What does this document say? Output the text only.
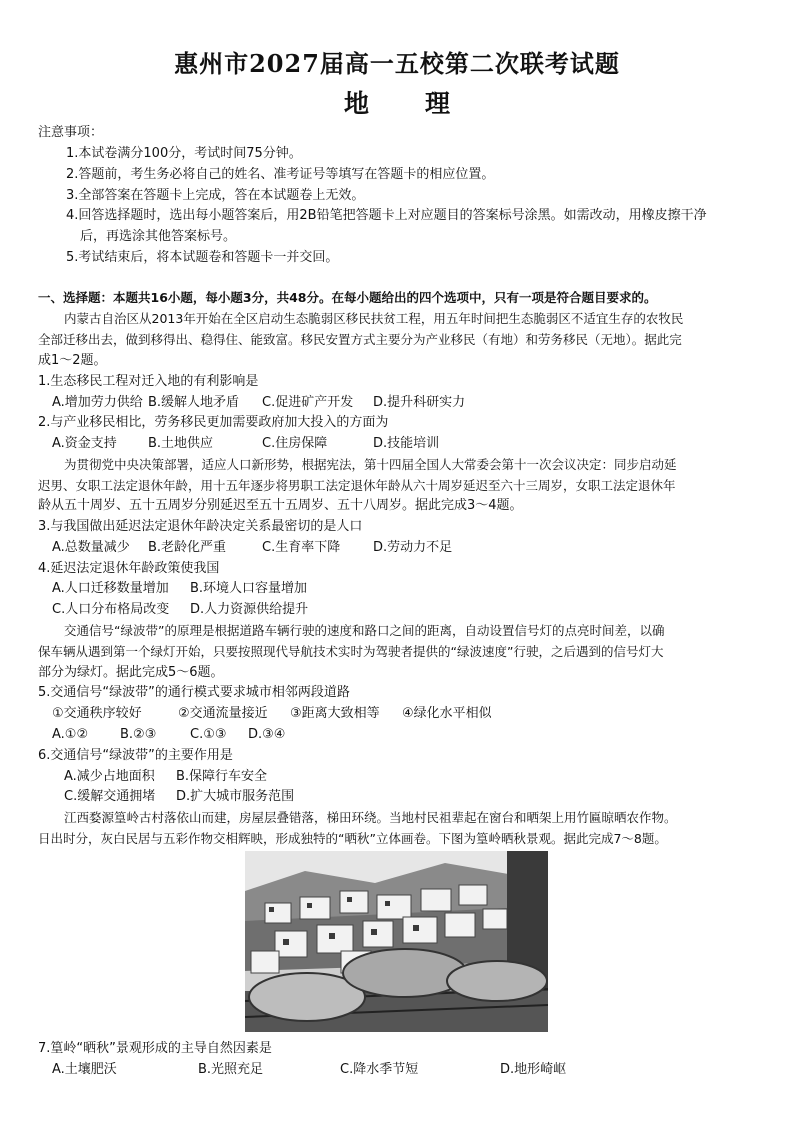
惠州市2027届高一五校第二次联考试题
地 理
注意事项：
1.本试卷满分100分，考试时间75分钟。
2.答题前，考生务必将自己的姓名、准考证号等填写在答题卡的相应位置。
3.全部答案在答题卡上完成，答在本试题卷上无效。
4.回答选择题时，选出每小题答案后，用2B铅笔把答题卡上对应题目的答案标号涂黑。如需改动，用橡皮擦干净
后，再选涂其他答案标号。
5.考试结束后，将本试题卷和答题卡一并交回。
一、选择题：本题共16小题，每小题3分，共48分。在每小题给出的四个选项中，只有一项是符合题目要求的。
内蒙古自治区从2013年开始在全区启动生态脆弱区移民扶贫工程，用五年时间把生态脆弱区不适宜生存的农牧民
全部迁移出去，做到移得出、稳得住、能致富。移民安置方式主要分为产业移民（有地）和劳务移民（无地）。据此完
成1～2题。
1.生态移民工程对迁入地的有利影响是
A.增加劳力供给 B.缓解人地矛盾 C.促进矿产开发 D.提升科研实力
2.与产业移民相比，劳务移民更加需要政府加大投入的方面为
A.资金支持 B.土地供应	C.住房保障	D.技能培训
为贯彻党中央决策部署，适应人口新形势，根据宪法，第十四届全国人大常委会第十一次会议决定：同步启动延
迟男、女职工法定退休年龄，用十五年逐步将男职工法定退休年龄从六十周岁延迟至六十三周岁，女职工法定退休年
龄从五十周岁、五十五周岁分别延迟至五十五周岁、五十八周岁。据此完成3～4题。
3.与我国做出延迟法定退休年龄决定关系最密切的是人口
A.总数量减少 B.老龄化严重	C.生育率下降	D.劳动力不足
4.延迟法定退休年龄政策使我国
A.人口迁移数量增加 B.环境人口容量增加
C.人口分布格局改变 D.人力资源供给提升
交通信号“绿波带”的原理是根据道路车辆行驶的速度和路口之间的距离，自动设置信号灯的点亮时间差，以确
保车辆从遇到第一个绿灯开始，只要按照现代导航技术实时为驾驶者提供的“绿波速度”行驶，之后遇到的信号灯大
部分为绿灯。据此完成5～6题。
5.交通信号“绿波带”的通行模式要求城市相邻两段道路
①交通秩序较好	②交通流量接近 ③距离大致相等 ④绿化水平相似
A.①② B.②③	C.①③ D.③④
6.交通信号“绿波带”的主要作用是
A.减少占地面积 B.保障行车安全
C.缓解交通拥堵 D.扩大城市服务范围
江西婺源篁岭古村落依山而建，房屋层叠错落，梯田环绕。当地村民祖辈起在窗台和晒架上用竹匾晾晒农作物。
日出时分，灰白民居与五彩作物交相辉映，形成独特的“晒秋”立体画卷。下图为篁岭晒秋景观。据此完成7～8题。
7.篁岭“晒秋”景观形成的主导自然因素是
A.土壤肥沃	B.光照充足	C.降水季节短	D.地形崎岖
